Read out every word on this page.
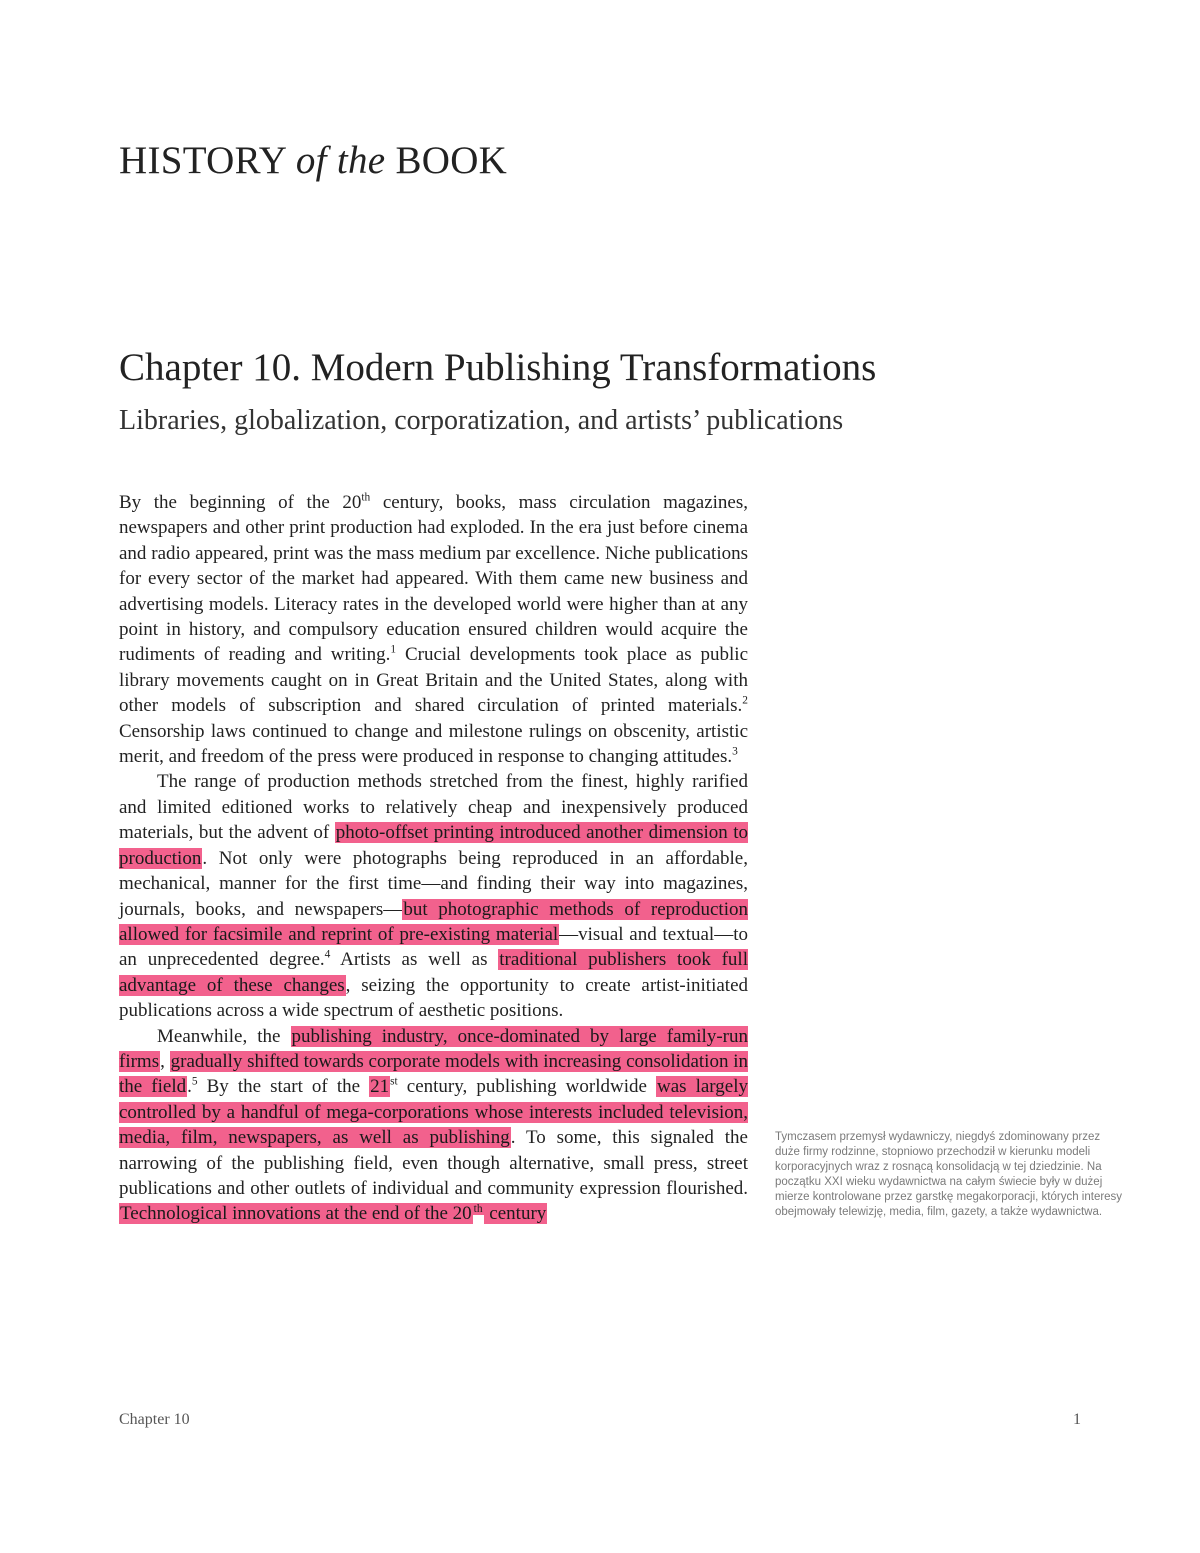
HISTORY of the BOOK
Chapter 10. Modern Publishing Transformations
Libraries, globalization, corporatization, and artists’ publications

By the beginning of the 20th century, books, mass circulation magazines, newspapers and other print production had exploded. In the era just before cinema and radio appeared, print was the mass medium par excellence. Niche publications for every sector of the market had appeared. With them came new business and advertising models. Literacy rates in the developed world were higher than at any point in history, and compulsory education ensured children would acquire the rudiments of reading and writing.$^1$ Crucial developments took place as public library movements caught on in Great Britain and the United States, along with other models of subscription and shared circulation of printed materials.$^2$ Censorship laws continued to change and milestone rulings on obscenity, artistic merit, and freedom of the press were produced in response to changing attitudes.$^3$

The range of production methods stretched from the finest, highly rarified and limited editioned works to relatively cheap and inexpensively produced materials, but the advent of photo-offset printing introduced another dimension to production. Not only were photographs being reproduced in an affordable, mechanical, manner for the first time—and finding their way into magazines, journals, books, and newspapers—but photographic methods of reproduction allowed for facsimile and reprint of pre-existing material—visual and textual—to an unprecedented degree.$^4$ Artists as well as traditional publishers took full advantage of these changes, seizing the opportunity to create artist-initiated publications across a wide spectrum of aesthetic positions.

Meanwhile, the publishing industry, once-dominated by large family-run firms, gradually shifted towards corporate models with increasing consolidation in the field.$^5$ By the start of the 21st century, publishing worldwide was largely controlled by a handful of mega-corporations whose interests included television, media, film, newspapers, as well as publishing. To some, this signaled the narrowing of the publishing field, even though alternative, small press, street publications and other outlets of individual and community expression flourished. Technological innovations at the end of the 20 $^{th}$ century

Tymczasem przemysł wydawniczy, niegdyś zdominowany przez duże firmy rodzinne, stopniowo przechodził w kierunku modeli korporacyjnych wraz z rosnącą konsolidacją w tej dziedzinie. Na początku XXI wieku wydawnictwa na całym świecie były w dużej mierze kontrolowane przez garstkę megakorporacji, których interesy obejmowały telewizję, media, film, gazety, a także wydawnictwa.

Chapter 10	1
